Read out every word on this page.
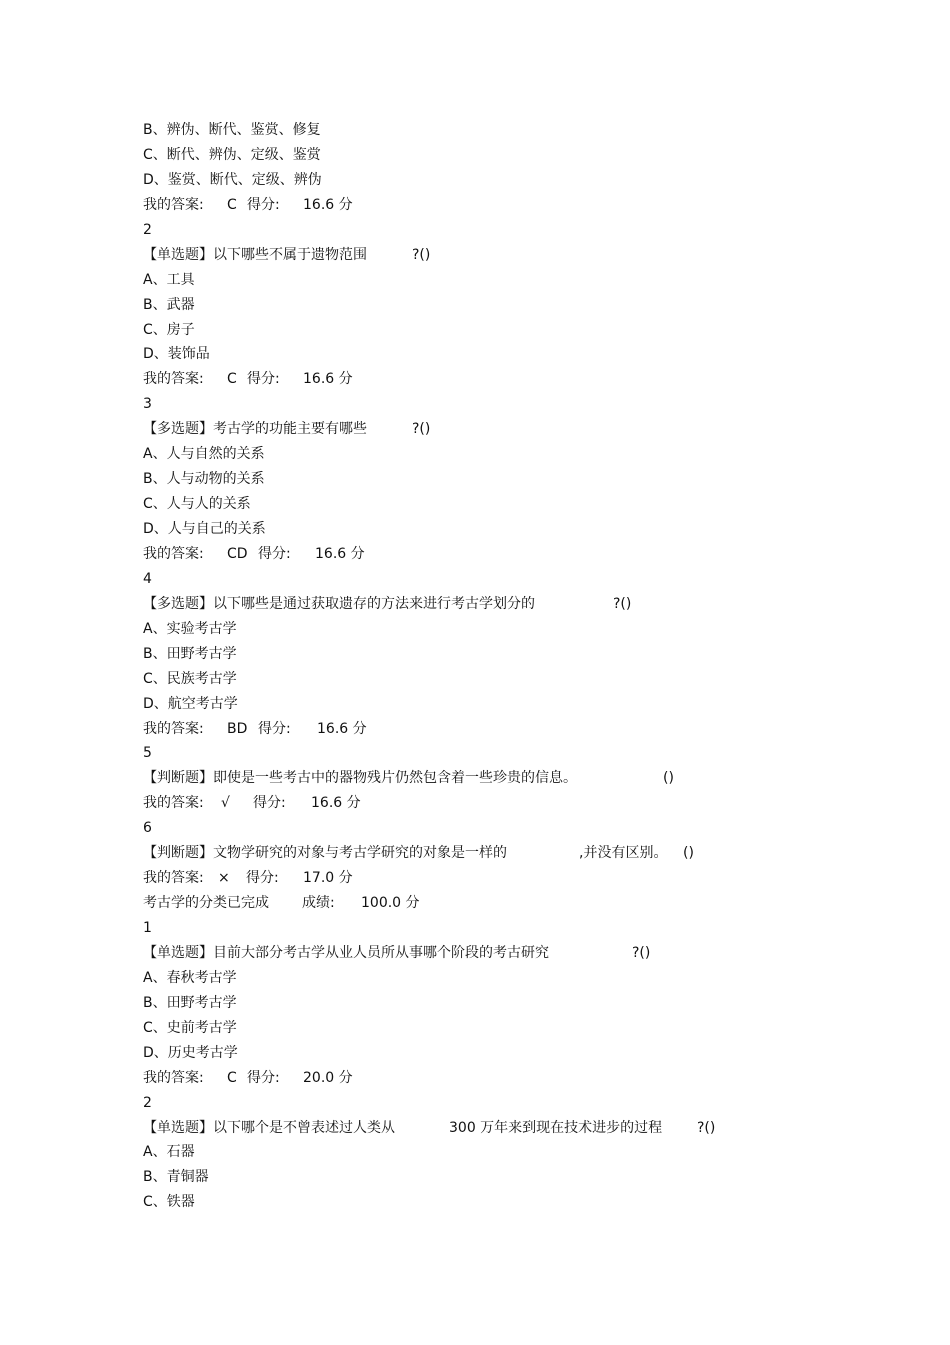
B、辨伪、断代、鉴赏、修复
C、断代、辨伪、定级、鉴赏
D、鉴赏、断代、定级、辨伪
我的答案: C 得分: 16.6 分
2
【单选题】以下哪些不属于遗物范围	?()
A、工具
B、武器
C、房子
D、装饰品
我的答案: C 得分: 16.6 分
3
【多选题】考古学的功能主要有哪些	?()
A、人与自然的关系
B、人与动物的关系
C、人与人的关系
D、人与自己的关系
我的答案: CD 得分: 16.6 分
4
【多选题】以下哪些是通过获取遗存的方法来进行考古学划分的	?()
A、实验考古学
B、田野考古学
C、民族考古学
D、航空考古学
我的答案: BD 得分: 16.6 分
5
【判断题】即使是一些考古中的器物残片仍然包含着一些珍贵的信息。	()
我的答案: √ 得分: 16.6 分
6
【判断题】文物学研究的对象与考古学研究的对象是一样的	,并没有区别。 ()
我的答案: × 得分: 17.0 分
考古学的分类已完成 成绩: 100.0 分
1
【单选题】目前大部分考古学从业人员所从事哪个阶段的考古研究	?()
A、春秋考古学
B、田野考古学
C、史前考古学
D、历史考古学
我的答案: C 得分: 20.0 分
2
【单选题】以下哪个是不曾表述过人类从	300 万年来到现在技术进步的过程 ?()
A、石器
B、青铜器
C、铁器
